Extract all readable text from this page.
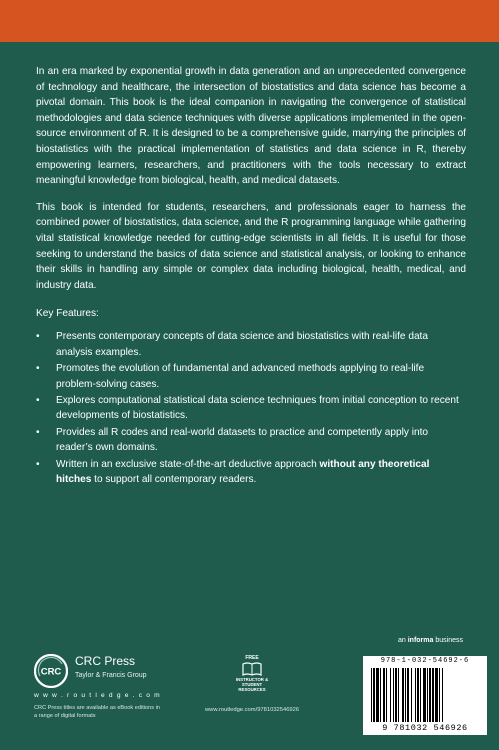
In an era marked by exponential growth in data generation and an unprecedented convergence of technology and healthcare, the intersection of biostatistics and data science has become a pivotal domain. This book is the ideal companion in navigating the convergence of statistical methodologies and data science techniques with diverse applications implemented in the open-source environment of R. It is designed to be a comprehensive guide, marrying the principles of biostatistics with the practical implementation of statistics and data science in R, thereby empowering learners, researchers, and practitioners with the tools necessary to extract meaningful knowledge from biological, health, and medical datasets.

This book is intended for students, researchers, and professionals eager to harness the combined power of biostatistics, data science, and the R programming language while gathering vital statistical knowledge needed for cutting-edge scientists in all fields. It is useful for those seeking to understand the basics of data science and statistical analysis, or looking to enhance their skills in handling any simple or complex data including biological, health, medical, and industry data.

Key Features:
• Presents contemporary concepts of data science and biostatistics with real-life data analysis examples.
• Promotes the evolution of fundamental and advanced methods applying to real-life problem-solving cases.
• Explores computational statistical data science techniques from initial conception to recent developments of biostatistics.
• Provides all R codes and real-world datasets to practice and competently apply into reader’s own domains.
• Written in an exclusive state-of-the-art deductive approach without any theoretical hitches to support all contemporary readers.
CRC
CRC Press
Taylor & Francis Group
w w w . r o u t l e d g e . c o m
CRC Press titles are available as eBook editions in a range of digital formats
FREE
INSTRUCTOR & STUDENT RESOURCES
www.routledge.com/9781032546926
an informa business
978-1-032-54692-6
9 781032 546926
